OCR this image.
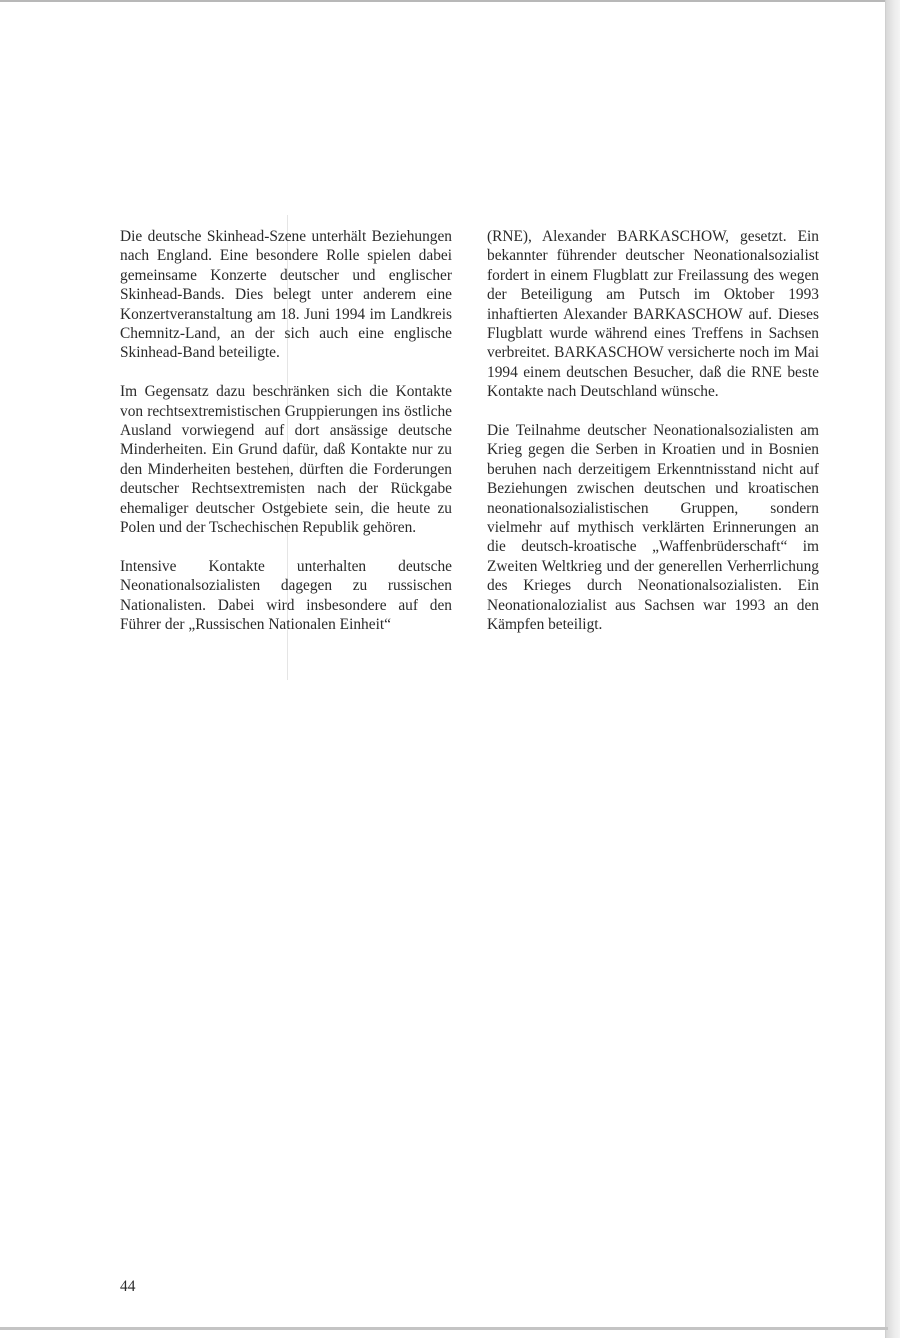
Die deutsche Skinhead-Szene unterhält Beziehungen nach England. Eine besondere Rolle spielen dabei gemeinsame Konzerte deutscher und englischer Skinhead-Bands. Dies belegt unter anderem eine Konzertveranstaltung am 18. Juni 1994 im Landkreis Chemnitz-Land, an der sich auch eine englische Skinhead-Band beteiligte.

Im Gegensatz dazu beschränken sich die Kontakte von rechtsextremistischen Gruppierungen ins östliche Ausland vorwiegend auf dort ansässige deutsche Minderheiten. Ein Grund dafür, daß Kontakte nur zu den Minderheiten bestehen, dürften die Forderungen deutscher Rechtsextremisten nach der Rückgabe ehemaliger deutscher Ostgebiete sein, die heute zu Polen und der Tschechischen Republik gehören.

Intensive Kontakte unterhalten deutsche Neonationalsozialisten dagegen zu russischen Nationalisten. Dabei wird insbesondere auf den Führer der „Russischen Nationalen Einheit“

(RNE), Alexander BARKASCHOW, gesetzt. Ein bekannter führender deutscher Neonationalsozialist fordert in einem Flugblatt zur Freilassung des wegen der Beteiligung am Putsch im Oktober 1993 inhaftierten Alexander BARKASCHOW auf. Dieses Flugblatt wurde während eines Treffens in Sachsen verbreitet. BARKASCHOW versicherte noch im Mai 1994 einem deutschen Besucher, daß die RNE beste Kontakte nach Deutschland wünsche.

Die Teilnahme deutscher Neonationalsozialisten am Krieg gegen die Serben in Kroatien und in Bosnien beruhen nach derzeitigem Erkenntnisstand nicht auf Beziehungen zwischen deutschen und kroatischen neonationalsozialistischen Gruppen, sondern vielmehr auf mythisch verklärten Erinnerungen an die deutsch-kroatische „Waffenbrüderschaft“ im Zweiten Weltkrieg und der generellen Verherrlichung des Krieges durch Neonationalsozialisten. Ein Neonationalozialist aus Sachsen war 1993 an den Kämpfen beteiligt.

44
